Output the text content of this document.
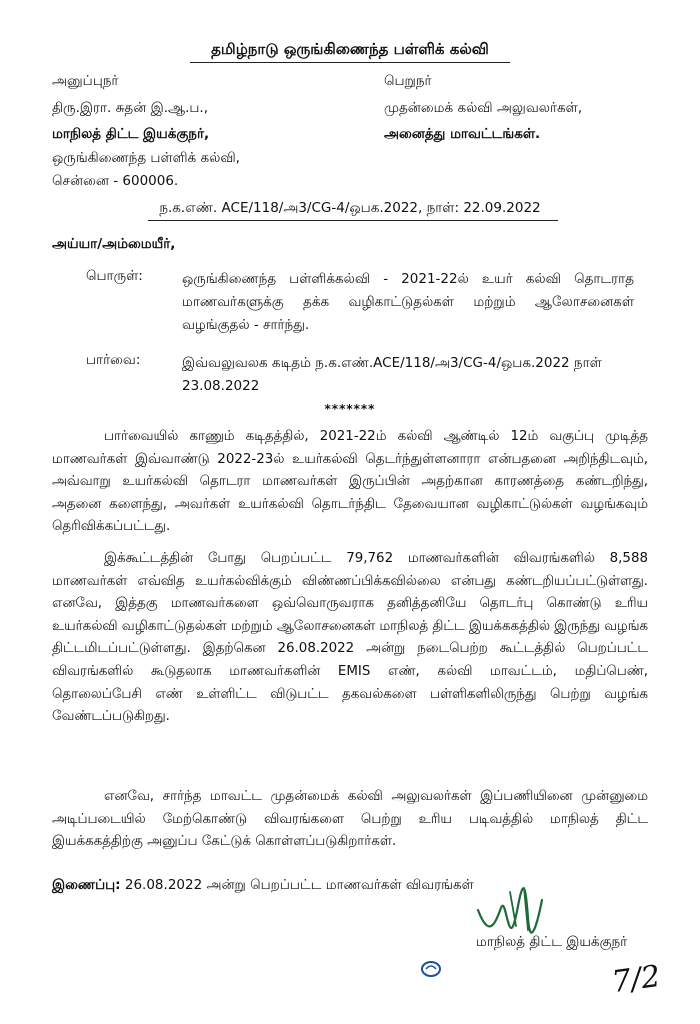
தமிழ்நாடு ஒருங்கிணைந்த பள்ளிக் கல்வி
அனுப்புநர்
திரு.இரா. சுதன் இ.ஆ.ப.,
மாநிலத் திட்ட இயக்குநர்,
ஒருங்கிணைந்த பள்ளிக் கல்வி,
சென்னை - 600006.
பெறுநர்
முதன்மைக் கல்வி அலுவலர்கள்,
அனைத்து மாவட்டங்கள்.
ந.க.எண். ACE/118/அ3/CG-4/ஒபக.2022, நாள்: 22.09.2022
அய்யா/அம்மையீர்,
பொருள்:	ஒருங்கிணைந்த பள்ளிக்கல்வி - 2021-22ல் உயர் கல்வி தொடராத மாணவர்களுக்கு தக்க வழிகாட்டுதல்கள் மற்றும் ஆலோசனைகள் வழங்குதல் - சார்ந்து.
பார்வை:	இவ்வலுவலக கடிதம் ந.க.எண்.ACE/118/அ3/CG-4/ஒபக.2022 நாள் 23.08.2022
*******

பார்வையில் காணும் கடிதத்தில், 2021-22ம் கல்வி ஆண்டில் 12ம் வகுப்பு முடித்த மாணவர்கள் இவ்வாண்டு 2022-23ல் உயர்கல்வி தெடர்ந்துள்ளனாரா என்பதனை அறிந்திடவும், அவ்வாறு உயர்கல்வி தொடரா மாணவர்கள் இருப்பின் அதற்கான காரணத்தை கண்டறிந்து, அதனை களைந்து, அவர்கள் உயர்கல்வி தொடர்ந்திட தேவையான வழிகாட்டுல்கள் வழங்கவும் தெரிவிக்கப்பட்டது.

இக்கூட்டத்தின் போது பெறப்பட்ட 79,762 மாணவர்களின் விவரங்களில் 8,588 மாணவர்கள் எவ்வித உயர்கல்விக்கும் விண்ணப்பிக்கவில்லை என்பது கண்டறியப்பட்டுள்ளது. எனவே, இத்தகு மாணவர்களை ஒவ்வொருவராக தனித்தனியே தொடர்பு கொண்டு உரிய உயர்கல்வி வழிகாட்டுதல்கள் மற்றும் ஆலோசனைகள் மாநிலத் திட்ட இயக்ககத்தில் இருந்து வழங்க திட்டமிடப்பட்டுள்ளது. இதற்கென 26.08.2022 அன்று நடைபெற்ற கூட்டத்தில் பெறப்பட்ட விவரங்களில் கூடுதலாக மாணவர்களின் EMIS எண், கல்வி மாவட்டம், மதிப்பெண், தொலைப்பேசி எண் உள்ளிட்ட விடுபட்ட தகவல்களை பள்ளிகளிலிருந்து பெற்று வழங்க வேண்டப்படுகிறது.

எனவே, சார்ந்த மாவட்ட முதன்மைக் கல்வி அலுவலர்கள் இப்பணியினை முன்னுமை அடிப்படையில் மேற்கொண்டு விவரங்களை பெற்று உரிய படிவத்தில் மாநிலத் திட்ட இயக்ககத்திற்கு அனுப்ப கேட்டுக் கொள்ளப்படுகிறார்கள்.

இணைப்பு: 26.08.2022 அன்று பெறப்பட்ட மாணவர்கள் விவரங்கள்
மாநிலத் திட்ட இயக்குநர்
7/2
